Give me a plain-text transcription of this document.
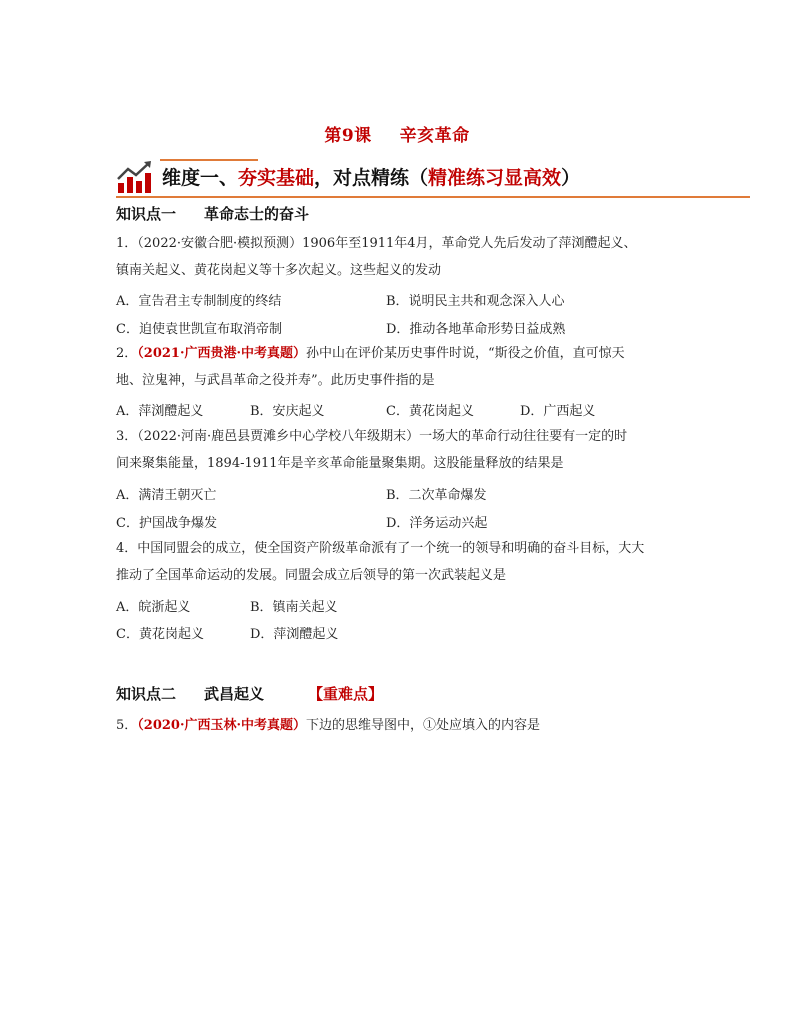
第9课 辛亥革命
维度一、夯实基础，对点精练（精准练习显高效）
知识点一 革命志士的奋斗
1．（2022·安徽合肥·模拟预测）1906年至1911年4月，革命党人先后发动了萍浏醴起义、
镇南关起义、黄花岗起义等十多次起义。这些起义的发动
A．宣告君主专制制度的终结	B．说明民主共和观念深入人心
C．迫使袁世凯宣布取消帝制	D．推动各地革命形势日益成熟
2．（2021·广西贵港·中考真题）孙中山在评价某历史事件时说，“斯役之价值，直可惊天
地、泣鬼神，与武昌革命之役并寿”。此历史事件指的是
A．萍浏醴起义	B．安庆起义	C．黄花岗起义	D．广西起义
3．（2022·河南·鹿邑县贾滩乡中心学校八年级期末）一场大的革命行动往往要有一定的时
间来聚集能量，1894-1911年是辛亥革命能量聚集期。这股能量释放的结果是
A．满清王朝灭亡	B．二次革命爆发
C．护国战争爆发	D．洋务运动兴起
4．中国同盟会的成立，使全国资产阶级革命派有了一个统一的领导和明确的奋斗目标，大大
推动了全国革命运动的发展。同盟会成立后领导的第一次武装起义是
A．皖浙起义	B．镇南关起义
C．黄花岗起义	D．萍浏醴起义
知识点二 武昌起义	【重难点】
5．（2020·广西玉林·中考真题）下边的思维导图中，①处应填入的内容是
